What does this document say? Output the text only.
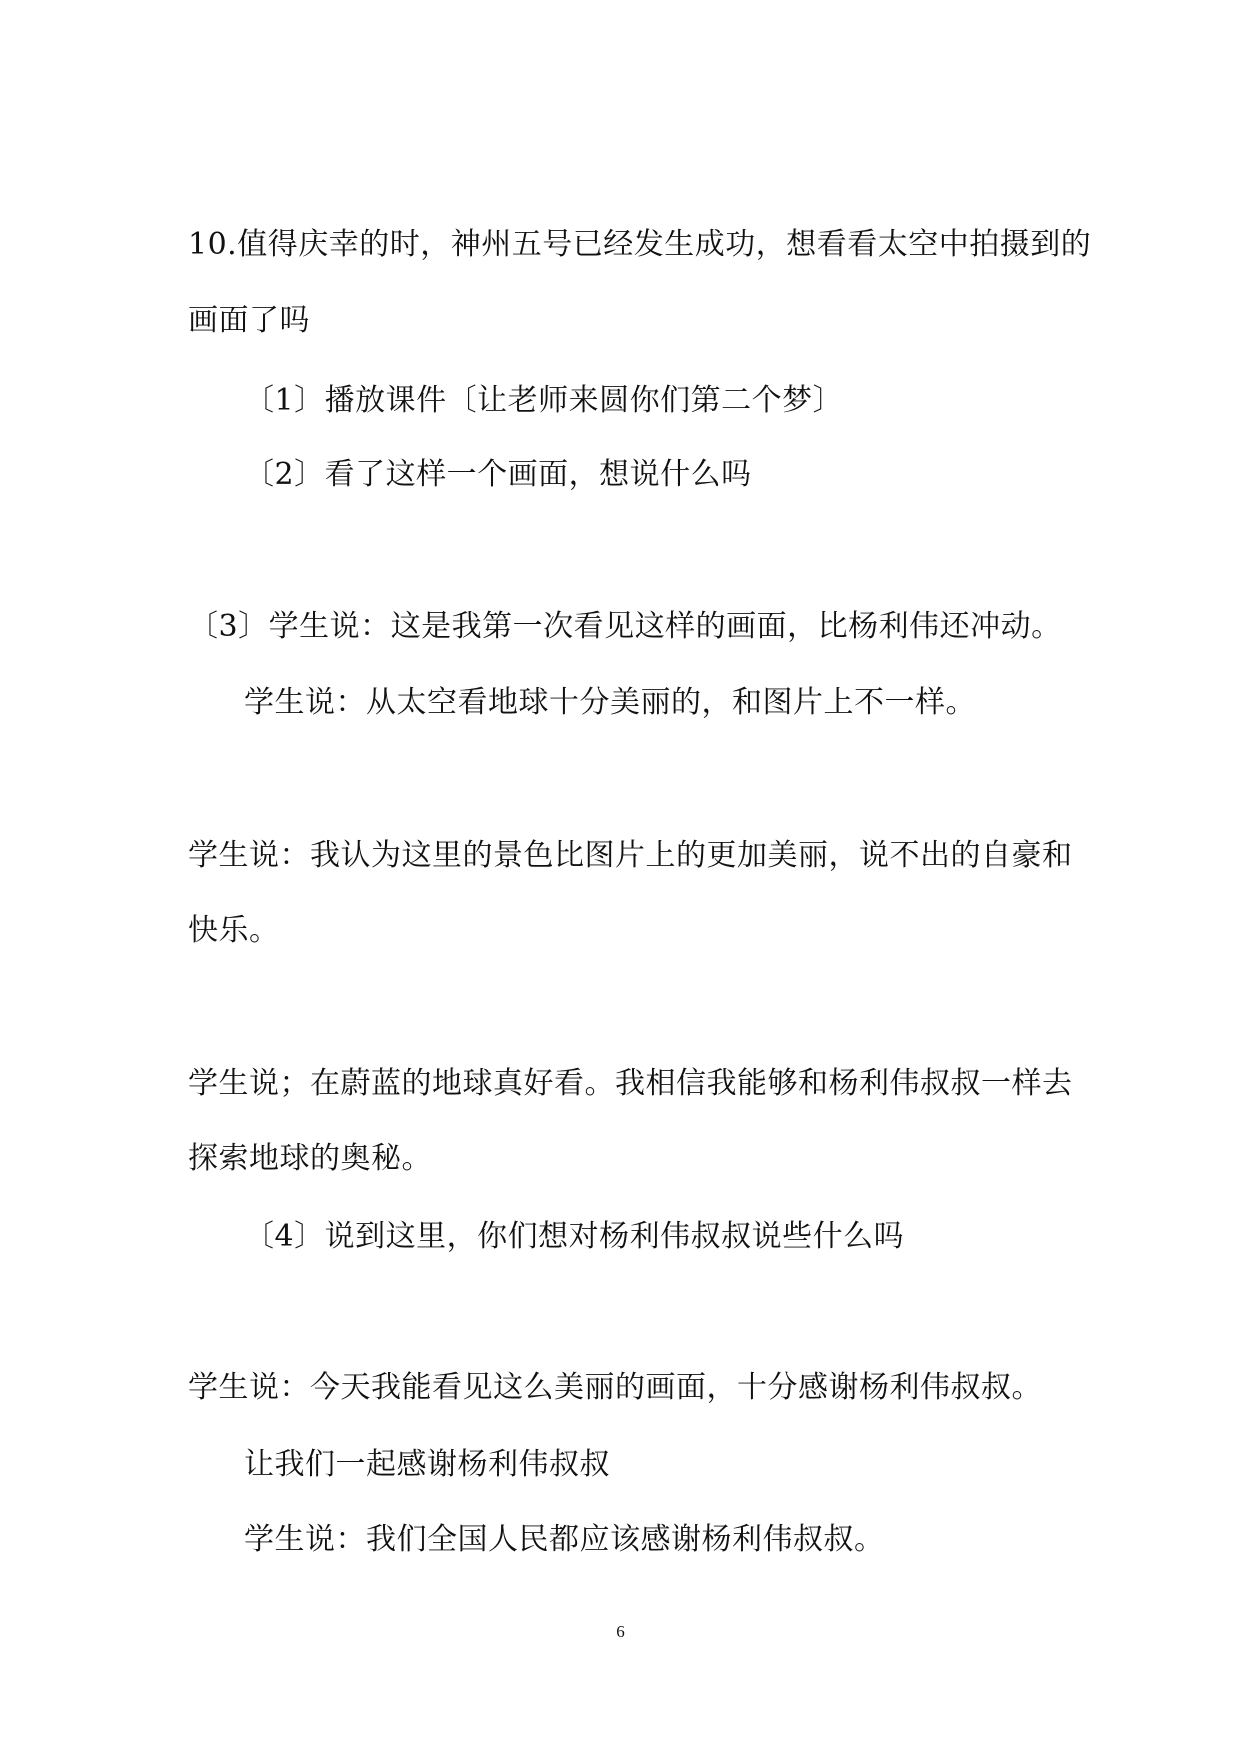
10.值得庆幸的时，神州五号已经发生成功，想看看太空中拍摄到的
画面了吗
〔1〕播放课件〔让老师来圆你们第二个梦〕
〔2〕看了这样一个画面，想说什么吗
〔3〕学生说：这是我第一次看见这样的画面，比杨利伟还冲动。
学生说：从太空看地球十分美丽的，和图片上不一样。
学生说：我认为这里的景色比图片上的更加美丽，说不出的自豪和
快乐。
学生说；在蔚蓝的地球真好看。我相信我能够和杨利伟叔叔一样去
探索地球的奥秘。
〔4〕说到这里，你们想对杨利伟叔叔说些什么吗
学生说：今天我能看见这么美丽的画面，十分感谢杨利伟叔叔。
让我们一起感谢杨利伟叔叔
学生说：我们全国人民都应该感谢杨利伟叔叔。
6
